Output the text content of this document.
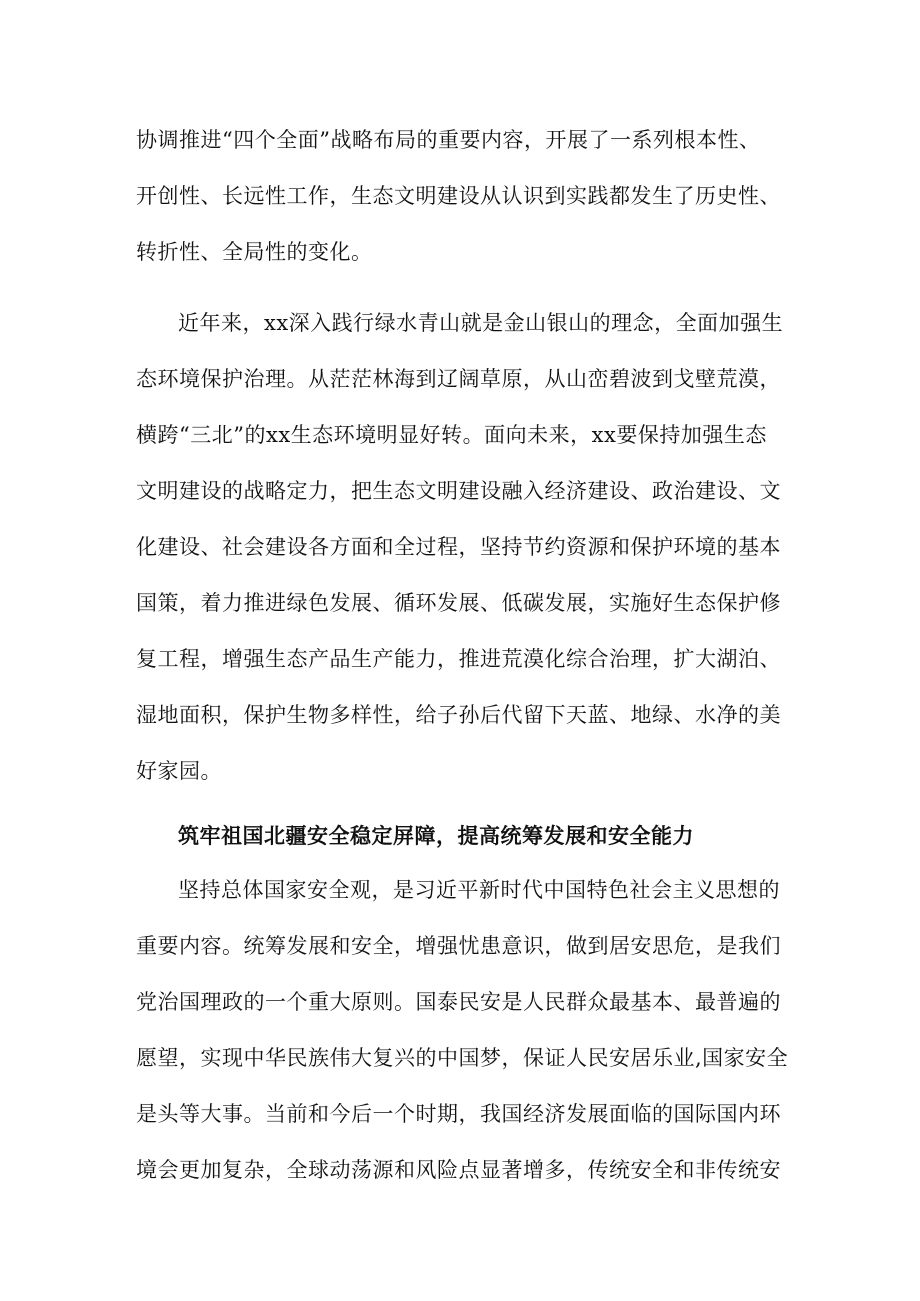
协调推进“四个全面”战略布局的重要内容，开展了一系列根本性、
开创性、长远性工作，生态文明建设从认识到实践都发生了历史性、
转折性、全局性的变化。
近年来，xx深入践行绿水青山就是金山银山的理念，全面加强生
态环境保护治理。从茫茫林海到辽阔草原，从山峦碧波到戈壁荒漠，
横跨“三北”的xx生态环境明显好转。面向未来，xx要保持加强生态
文明建设的战略定力，把生态文明建设融入经济建设、政治建设、文
化建设、社会建设各方面和全过程，坚持节约资源和保护环境的基本
国策，着力推进绿色发展、循环发展、低碳发展，实施好生态保护修
复工程，增强生态产品生产能力，推进荒漠化综合治理，扩大湖泊、
湿地面积，保护生物多样性，给子孙后代留下天蓝、地绿、水净的美
好家园。
筑牢祖国北疆安全稳定屏障，提高统筹发展和安全能力
坚持总体国家安全观，是习近平新时代中国特色社会主义思想的
重要内容。统筹发展和安全，增强忧患意识，做到居安思危，是我们
党治国理政的一个重大原则。国泰民安是人民群众最基本、最普遍的
愿望，实现中华民族伟大复兴的中国梦，保证人民安居乐业,国家安全
是头等大事。当前和今后一个时期，我国经济发展面临的国际国内环
境会更加复杂，全球动荡源和风险点显著增多，传统安全和非传统安
